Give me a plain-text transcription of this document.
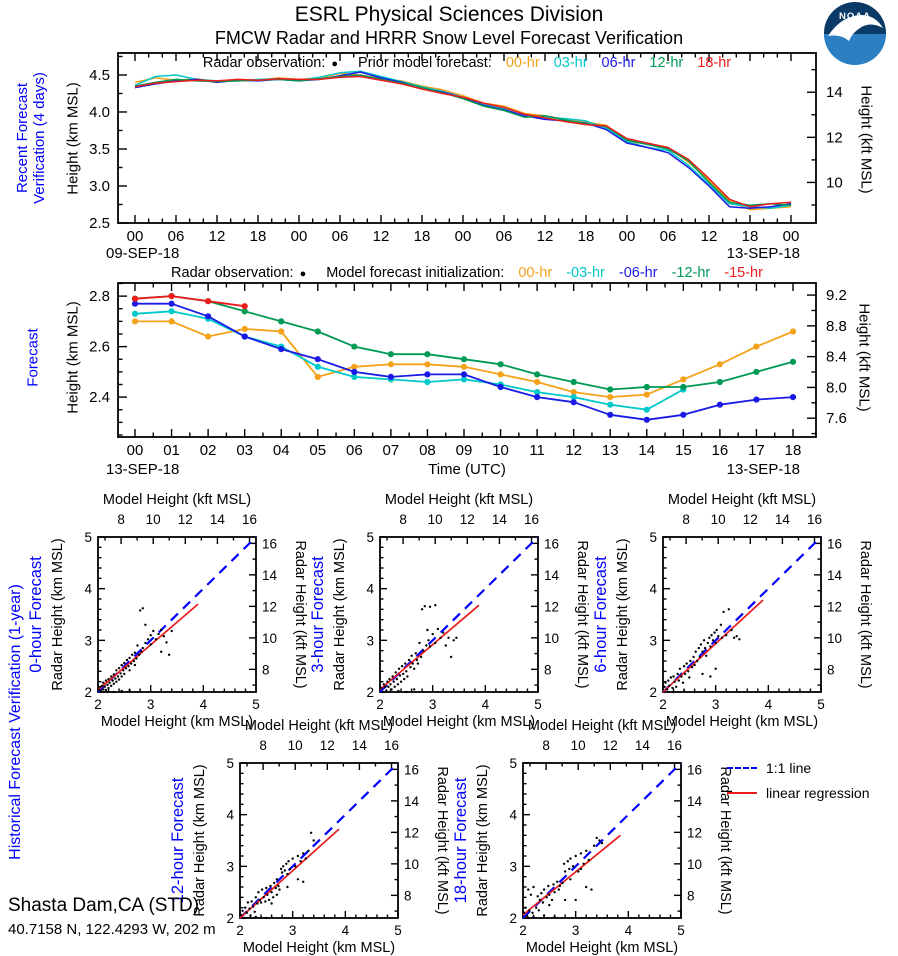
00 06 12 18 00 06 12 18 00 06 12 18 00 06 12 18 00
09-SEP-18	13-SEP-18
2.5
3.0
3.5
4.0
4.5
10
12
14
00 01 02 03 04 05 06 07 08 09 10 11 12 13 14 15 16 17 18
13-SEP-18	13-SEP-18
Time (UTC)
2.4
2.6
2.8
7.6
8.0
8.4
8.8
9.2
2
2
3
3
4
4
5
5
8
8
10
10
12
12
14
14
16
16
Model Height (kft MSL)
Model Height (km MSL)
Radar Height (km MSL)	Radar Height (kft MSL)
0-hour Forecast
2
2
3
3
4
4
5
5
8
8
10
10
12
12
14
14
16
16
Model Height (kft MSL)
Model Height (km MSL)
Radar Height (km MSL)	Radar Height (kft MSL)
3-hour Forecast
2
2
3
3
4
4
5
5
8
8
10
10
12
12
14
14
16
16
Model Height (kft MSL)
Model Height (km MSL)
Radar Height (km MSL)	Radar Height (kft MSL)
6-hour Forecast
2
2
3
3
4
4
5
5
8
8
10
10
12
12
14
14
16
16
Model Height (kft MSL)
Model Height (km MSL)
Radar Height (km MSL)	Radar Height (kft MSL)
12-hour Forecast
2
2
3
3
4
4
5
5
8
8
10
10
12
12
14
14
16
16
Model Height (kft MSL)
Model Height (km MSL)
Radar Height (km MSL)	Radar Height (kft MSL)
18-hour Forecast
ESRL Physical Sciences Division
FMCW Radar and HRRR Snow Level Forecast Verification
NOAA
Recent Forecast
Verification (4 days) Height (km MSL)	Height (kft MSL)
Forecast Height (km MSL)	Height (kft MSL)
Historical Forecast Verification (1-year)
Radar observation: ● Prior model forecast: 00-hr 03-hr 06-hr 12-hr 18-hr
Radar observation: ● Model forecast initialization: 00-hr -03-hr -06-hr -12-hr -15-hr
1:1 line
linear regression
Shasta Dam,CA (STD)
40.7158 N, 122.4293 W, 202 m
